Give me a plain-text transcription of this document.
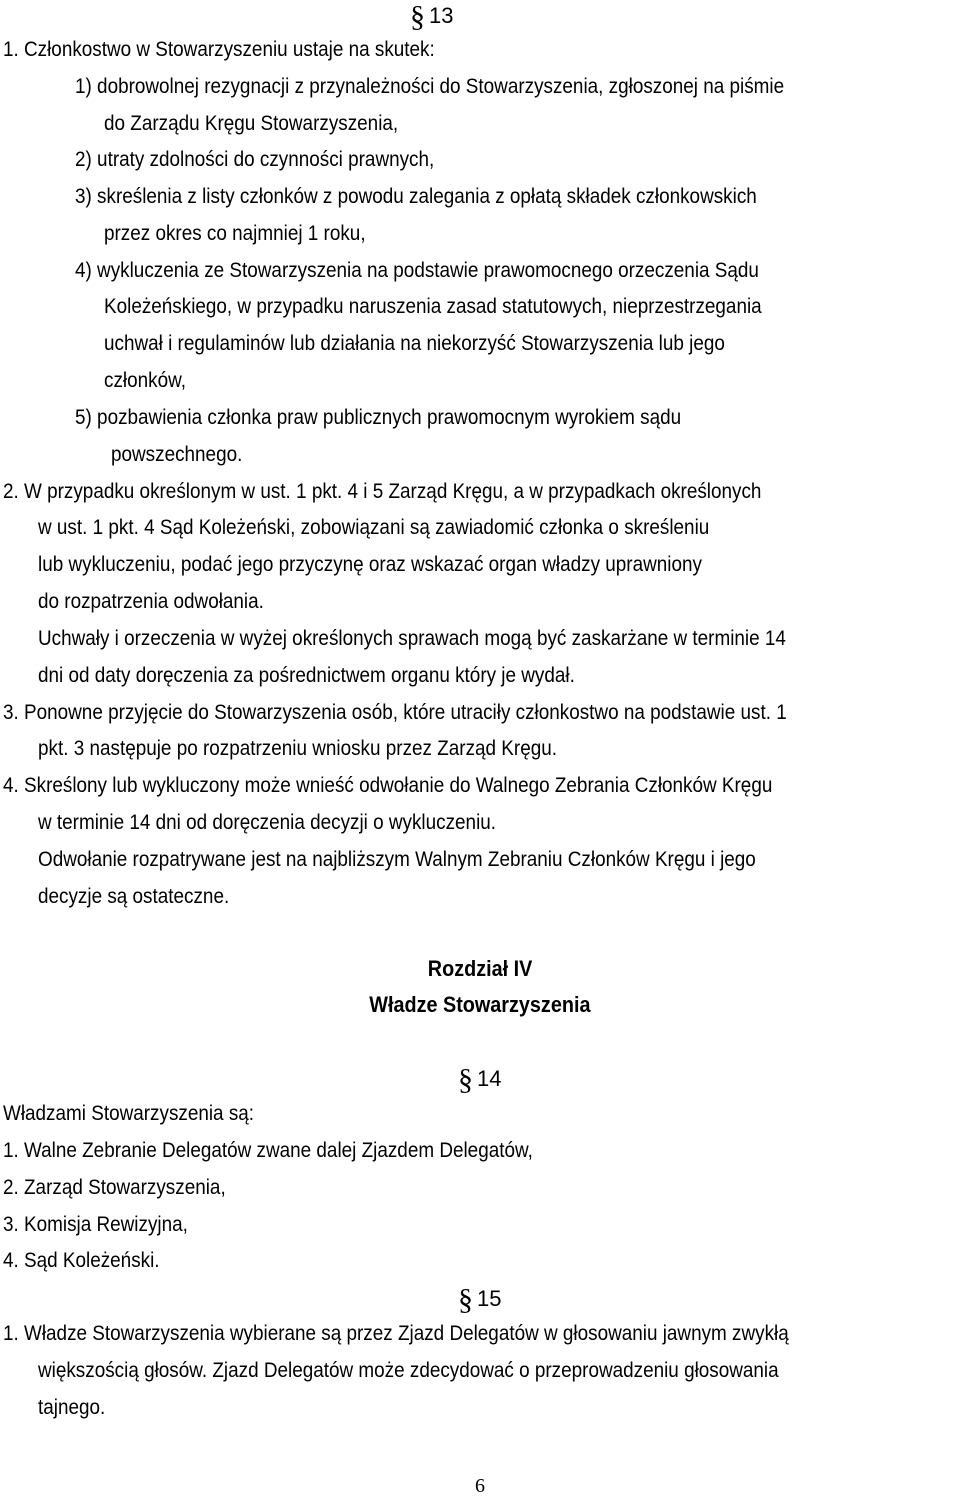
§ 13
1. Członkostwo w Stowarzyszeniu ustaje na skutek:
1) dobrowolnej rezygnacji z przynależności do Stowarzyszenia, zgłoszonej na piśmie
do Zarządu Kręgu Stowarzyszenia,
2) utraty zdolności do czynności prawnych,
3) skreślenia z listy członków z powodu zalegania z opłatą składek członkowskich
przez okres co najmniej 1 roku,
4) wykluczenia ze Stowarzyszenia na podstawie prawomocnego orzeczenia Sądu
Koleżeńskiego, w przypadku naruszenia zasad statutowych, nieprzestrzegania
uchwał i regulaminów lub działania na niekorzyść Stowarzyszenia lub jego
członków,
5) pozbawienia członka praw publicznych prawomocnym wyrokiem sądu
powszechnego.
2. W przypadku określonym w ust. 1 pkt. 4 i 5 Zarząd Kręgu, a w przypadkach określonych
w ust. 1 pkt. 4 Sąd Koleżeński, zobowiązani są zawiadomić członka o skreśleniu
lub wykluczeniu, podać jego przyczynę oraz wskazać organ władzy uprawniony
do rozpatrzenia odwołania.
Uchwały i orzeczenia w wyżej określonych sprawach mogą być zaskarżane w terminie 14
dni od daty doręczenia za pośrednictwem organu który je wydał.
3. Ponowne przyjęcie do Stowarzyszenia osób, które utraciły członkostwo na podstawie ust. 1
pkt. 3 następuje po rozpatrzeniu wniosku przez Zarząd Kręgu.
4. Skreślony lub wykluczony może wnieść odwołanie do Walnego Zebrania Członków Kręgu
w terminie 14 dni od doręczenia decyzji o wykluczeniu.
Odwołanie rozpatrywane jest na najbliższym Walnym Zebraniu Członków Kręgu i jego
decyzje są ostateczne.
Rozdział IV
Władze Stowarzyszenia
§ 14
Władzami Stowarzyszenia są:
1. Walne Zebranie Delegatów zwane dalej Zjazdem Delegatów,
2. Zarząd Stowarzyszenia,
3. Komisja Rewizyjna,
4. Sąd Koleżeński.
§ 15
1. Władze Stowarzyszenia wybierane są przez Zjazd Delegatów w głosowaniu jawnym zwykłą
większością głosów. Zjazd Delegatów może zdecydować o przeprowadzeniu głosowania
tajnego.
6
